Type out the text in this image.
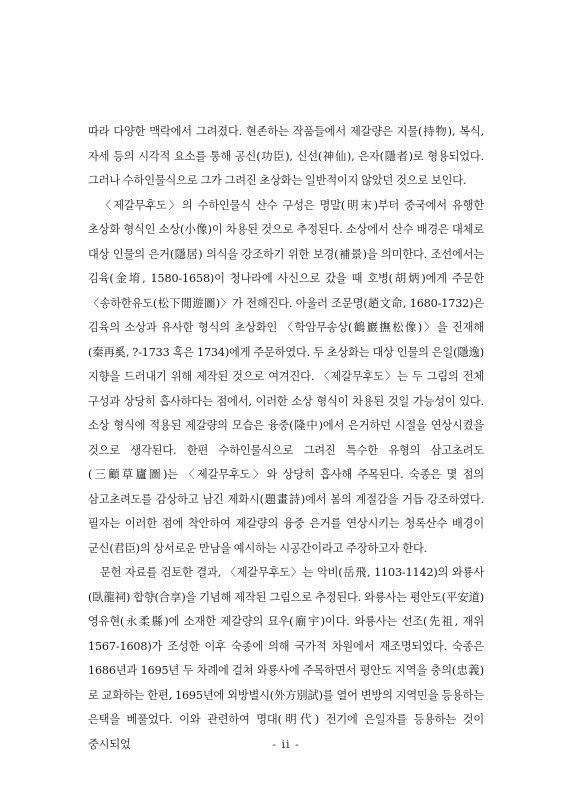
따라 다양한 맥락에서 그려졌다. 현존하는 작품들에서 제갈량은 지물(持物), 복식, 자세 등의 시각적 요소를 통해 공신(功臣), 신선(神仙), 은자(隱者)로 형용되었다. 그러나 수하인물식으로 그가 그려진 초상화는 일반적이지 않았던 것으로 보인다.

〈제갈무후도〉의 수하인물식 산수 구성은 명말(明末)부터 중국에서 유행한 초상화 형식인 소상(小像)이 차용된 것으로 추정된다. 소상에서 산수 배경은 대체로 대상 인물의 은거(隱居) 의식을 강조하기 위한 보경(補景)을 의미한다. 조선에서는 김육(金堉, 1580-1658)이 청나라에 사신으로 갔을 때 호병(胡炳)에게 주문한 〈송하한유도(松下閒遊圖)〉가 전해진다. 아울러 조문명(趙文命, 1680-1732)은 김육의 소상과 유사한 형식의 초상화인 〈학암무송상(鶴巖撫松像)〉을 진재해(秦再奚, ?-1733 혹은 1734)에게 주문하였다. 두 초상화는 대상 인물의 은일(隱逸) 지향을 드러내기 위해 제작된 것으로 여겨진다. 〈제갈무후도〉는 두 그림의 전체 구성과 상당히 흡사하다는 점에서, 이러한 소상 형식이 차용된 것일 가능성이 있다. 소상 형식에 적용된 제갈량의 모습은 융중(隆中)에서 은거하던 시절을 연상시켰을 것으로 생각된다. 한편 수하인물식으로 그려진 특수한 유형의 삼고초려도(三顧草廬圖)는 〈제갈무후도〉와 상당히 흡사해 주목된다. 숙종은 몇 점의 삼고초려도를 감상하고 남긴 제화시(題畫詩)에서 봄의 계절감을 거듭 강조하였다. 필자는 이러한 점에 착안하여 제갈량의 융중 은거를 연상시키는 청록산수 배경이 군신(君臣)의 상서로운 만남을 예시하는 시공간이라고 주장하고자 한다.

문헌 자료를 검토한 결과, 〈제갈무후도〉는 악비(岳飛, 1103-1142)의 와룡사(臥龍祠) 합향(合享)을 기념해 제작된 그림으로 추정된다. 와룡사는 평안도(平安道) 영유현(永柔縣)에 소재한 제갈량의 묘우(廟宇)이다. 와룡사는 선조(先祖, 재위 1567-1608)가 조성한 이후 숙종에 의해 국가적 차원에서 재조명되었다. 숙종은 1686년과 1695년 두 차례에 걸쳐 와룡사에 주목하면서 평안도 지역을 충의(忠義)로 교화하는 한편, 1695년에 외방별시(外方別試)를 열어 변방의 지역민을 등용하는 은택을 베풀었다. 이와 관련하여 명대(明代) 전기에 은일자를 등용하는 것이 중시되었	- ii -
